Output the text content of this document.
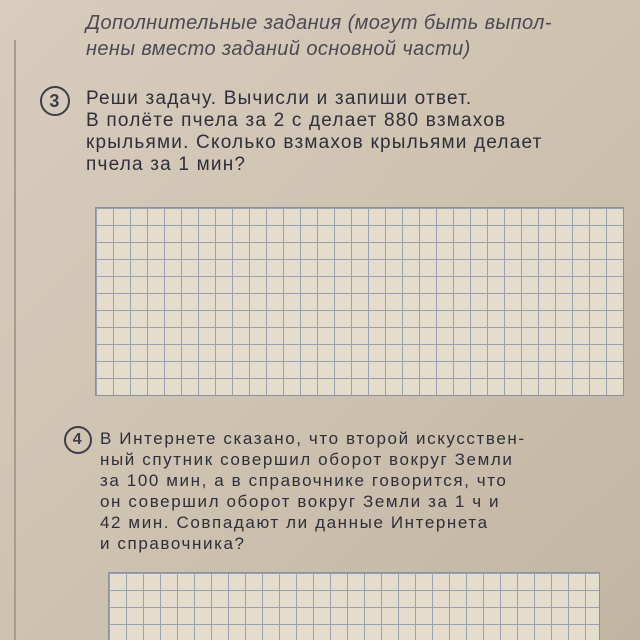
Дополнительные задания (могут быть выпол-
нены вместо заданий основной части)
3	Реши задачу. Вычисли и запиши ответ.
В полёте пчела за 2 с делает 880 взмахов
крыльями. Сколько взмахов крыльями делает
пчела за 1 мин?
4 В Интернете сказано, что второй искусствен-
ный спутник совершил оборот вокруг Земли
за 100 мин, а в справочнике говорится, что
он совершил оборот вокруг Земли за 1 ч и
42 мин. Совпадают ли данные Интернета
и справочника?
